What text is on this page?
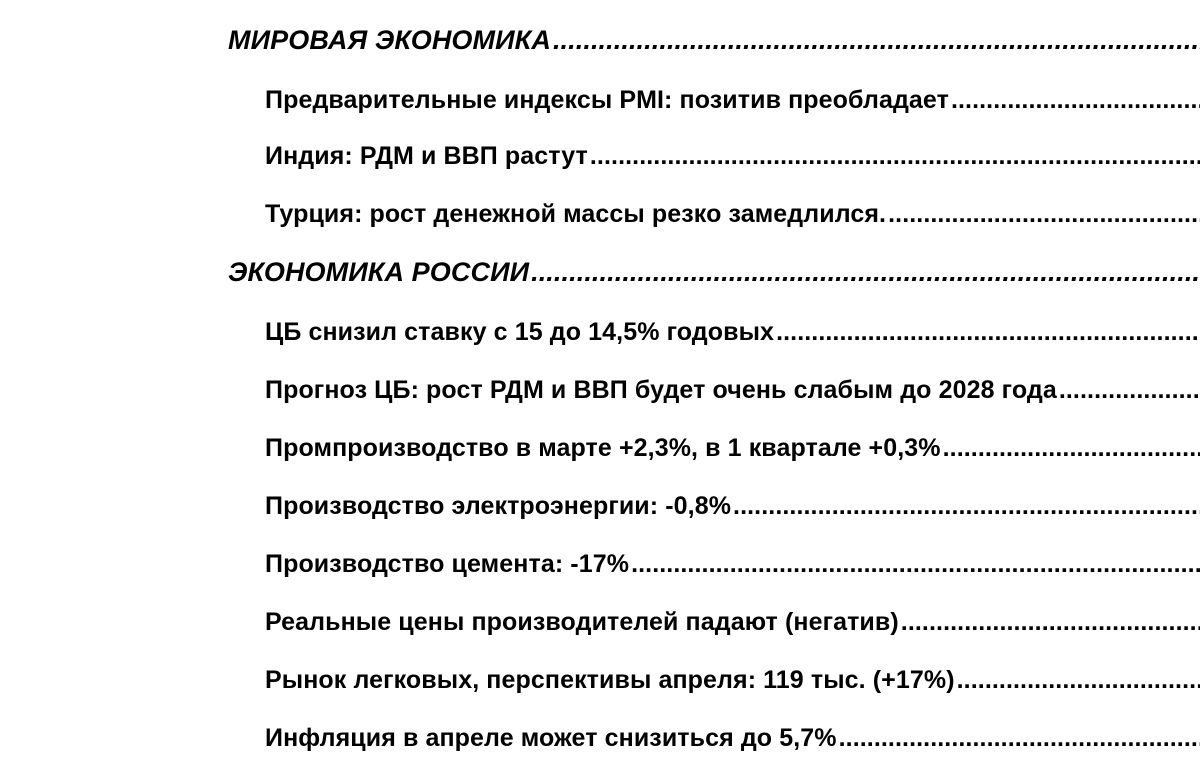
МИРОВАЯ ЭКОНОМИКА
.....
Предварительные индексы PMI: позитив преобладает
.....
Индия: РДМ и ВВП растут
.....
Турция: рост денежной массы резко замедлился.
.....
ЭКОНОМИКА РОССИИ
.....
ЦБ снизил ставку с 15 до 14,5% годовых
.....
Прогноз ЦБ: рост РДМ и ВВП будет очень слабым до 2028 года
.....
Промпроизводство в марте +2,3%, в 1 квартале +0,3%
.....
Производство электроэнергии: -0,8%
.....
Производство цемента: -17%
.....
Реальные цены производителей падают (негатив)
.....
Рынок легковых, перспективы апреля: 119 тыс. (+17%)
.....
Инфляция в апреле может снизиться до 5,7%
.....
